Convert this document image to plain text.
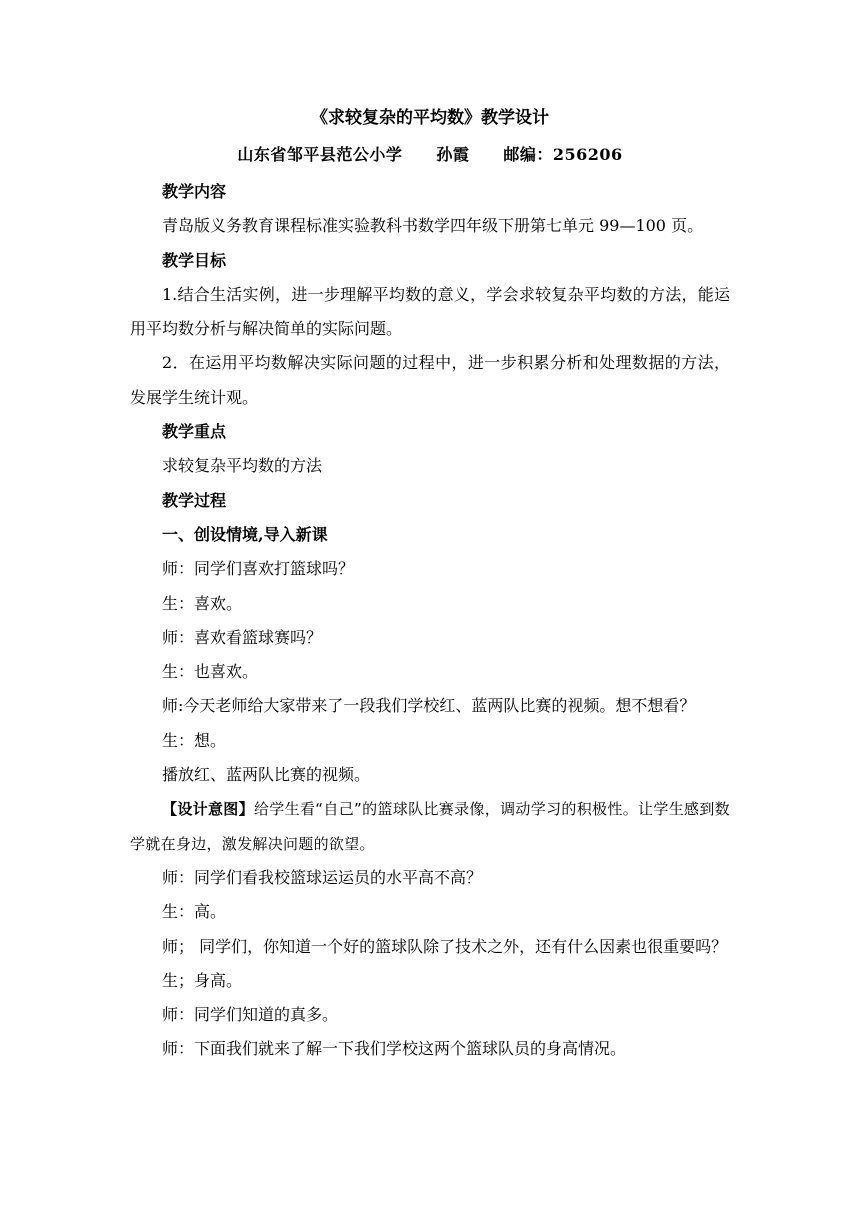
《求较复杂的平均数》教学设计
山东省邹平县范公小学 孙霞 邮编：256206

教学内容

青岛版义务教育课程标准实验教科书数学四年级下册第七单元 99—100 页。

教学目标

1.结合生活实例，进一步理解平均数的意义，学会求较复杂平均数的方法，能运用平均数分析与解决简单的实际问题。

2．在运用平均数解决实际问题的过程中，进一步积累分析和处理数据的方法，发展学生统计观。

教学重点

求较复杂平均数的方法

教学过程

一、创设情境,导入新课

师：同学们喜欢打篮球吗？

生：喜欢。

师：喜欢看篮球赛吗？

生：也喜欢。

师:今天老师给大家带来了一段我们学校红、蓝两队比赛的视频。想不想看？

生：想。

播放红、蓝两队比赛的视频。

【设计意图】给学生看“自己”的篮球队比赛录像，调动学习的积极性。让学生感到数学就在身边，激发解决问题的欲望。

师：同学们看我校篮球运运员的水平高不高？

生：高。

师； 同学们，你知道一个好的篮球队除了技术之外，还有什么因素也很重要吗？

生；身高。

师：同学们知道的真多。

师：下面我们就来了解一下我们学校这两个篮球队员的身高情况。
